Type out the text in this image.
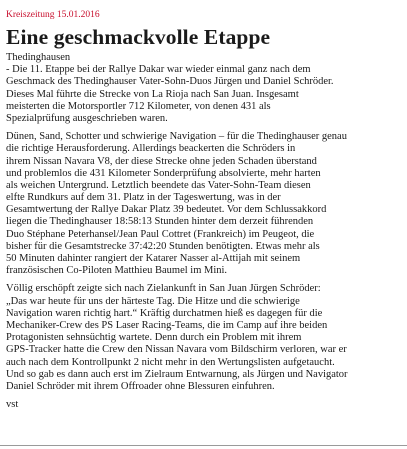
Kreiszeitung 15.01.2016
Eine geschmackvolle Etappe
Thedinghausen
- Die 11. Etappe bei der Rallye Dakar war wieder einmal ganz nach dem
Geschmack des Thedinghauser Vater-Sohn-Duos Jürgen und Daniel Schröder.
Dieses Mal führte die Strecke von La Rioja nach San Juan. Insgesamt
meisterten die Motorsportler 712 Kilometer, von denen 431 als
Spezialprüfung ausgeschrieben waren.
Dünen, Sand, Schotter und schwierige Navigation – für die Thedinghauser genau
die richtige Herausforderung. Allerdings beackerten die Schröders in
ihrem Nissan Navara V8, der diese Strecke ohne jeden Schaden überstand
und problemlos die 431 Kilometer Sonderprüfung absolvierte, mehr harten
als weichen Untergrund. Letztlich beendete das Vater-Sohn-Team diesen
elfte Rundkurs auf dem 31. Platz in der Tageswertung, was in der
Gesamtwertung der Rallye Dakar Platz 39 bedeutet. Vor dem Schlussakkord
liegen die Thedinghauser 18:58:13 Stunden hinter dem derzeit führenden
Duo Stéphane Peterhansel/Jean Paul Cottret (Frankreich) im Peugeot, die
bisher für die Gesamtstrecke 37:42:20 Stunden benötigten. Etwas mehr als
50 Minuten dahinter rangiert der Katarer Nasser al-Attijah mit seinem
französischen Co-Piloten Matthieu Baumel im Mini.
Völlig erschöpft zeigte sich nach Zielankunft in San Juan Jürgen Schröder:
„Das war heute für uns der härteste Tag. Die Hitze und die schwierige
Navigation waren richtig hart.“ Kräftig durchatmen hieß es dagegen für die
Mechaniker-Crew des PS Laser Racing-Teams, die im Camp auf ihre beiden
Protagonisten sehnsüchtig wartete. Denn durch ein Problem mit ihrem
GPS-Tracker hatte die Crew den Nissan Navara vom Bildschirm verloren, war er
auch nach dem Kontrollpunkt 2 nicht mehr in den Wertungslisten aufgetaucht.
Und so gab es dann auch erst im Zielraum Entwarnung, als Jürgen und Navigator
Daniel Schröder mit ihrem Offroader ohne Blessuren einfuhren.
vst
